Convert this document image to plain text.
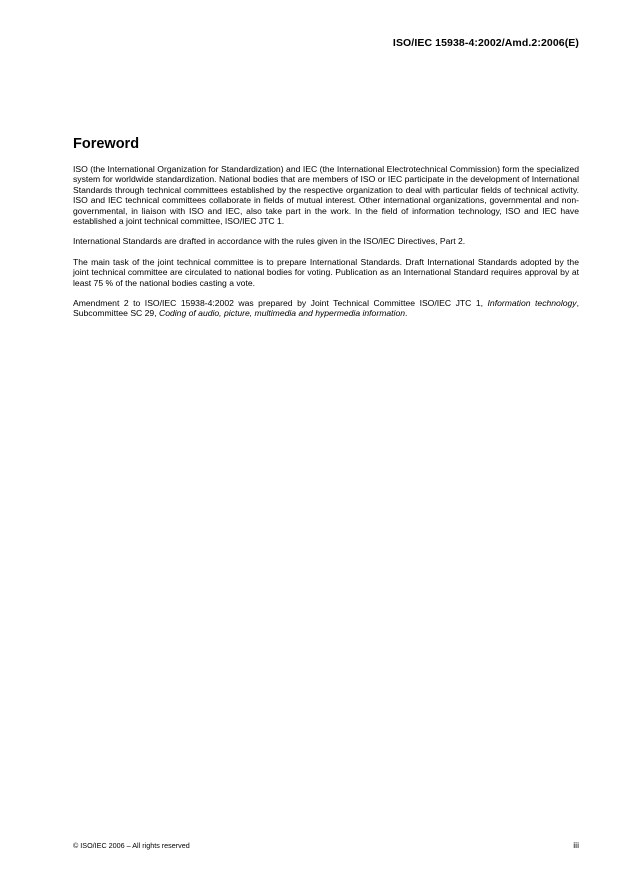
ISO/IEC 15938-4:2002/Amd.2:2006(E)
Foreword

ISO (the International Organization for Standardization) and IEC (the International Electrotechnical Commission) form the specialized system for worldwide standardization. National bodies that are members of ISO or IEC participate in the development of International Standards through technical committees established by the respective organization to deal with particular fields of technical activity. ISO and IEC technical committees collaborate in fields of mutual interest. Other international organizations, governmental and non-governmental, in liaison with ISO and IEC, also take part in the work. In the field of information technology, ISO and IEC have established a joint technical committee, ISO/IEC JTC 1.

International Standards are drafted in accordance with the rules given in the ISO/IEC Directives, Part 2.

The main task of the joint technical committee is to prepare International Standards. Draft International Standards adopted by the joint technical committee are circulated to national bodies for voting. Publication as an International Standard requires approval by at least 75 % of the national bodies casting a vote.

Amendment 2 to ISO/IEC 15938-4:2002 was prepared by Joint Technical Committee ISO/IEC JTC 1, Information technology, Subcommittee SC 29, Coding of audio, picture, multimedia and hypermedia information.

© ISO/IEC 2006 – All rights reserved	iii
